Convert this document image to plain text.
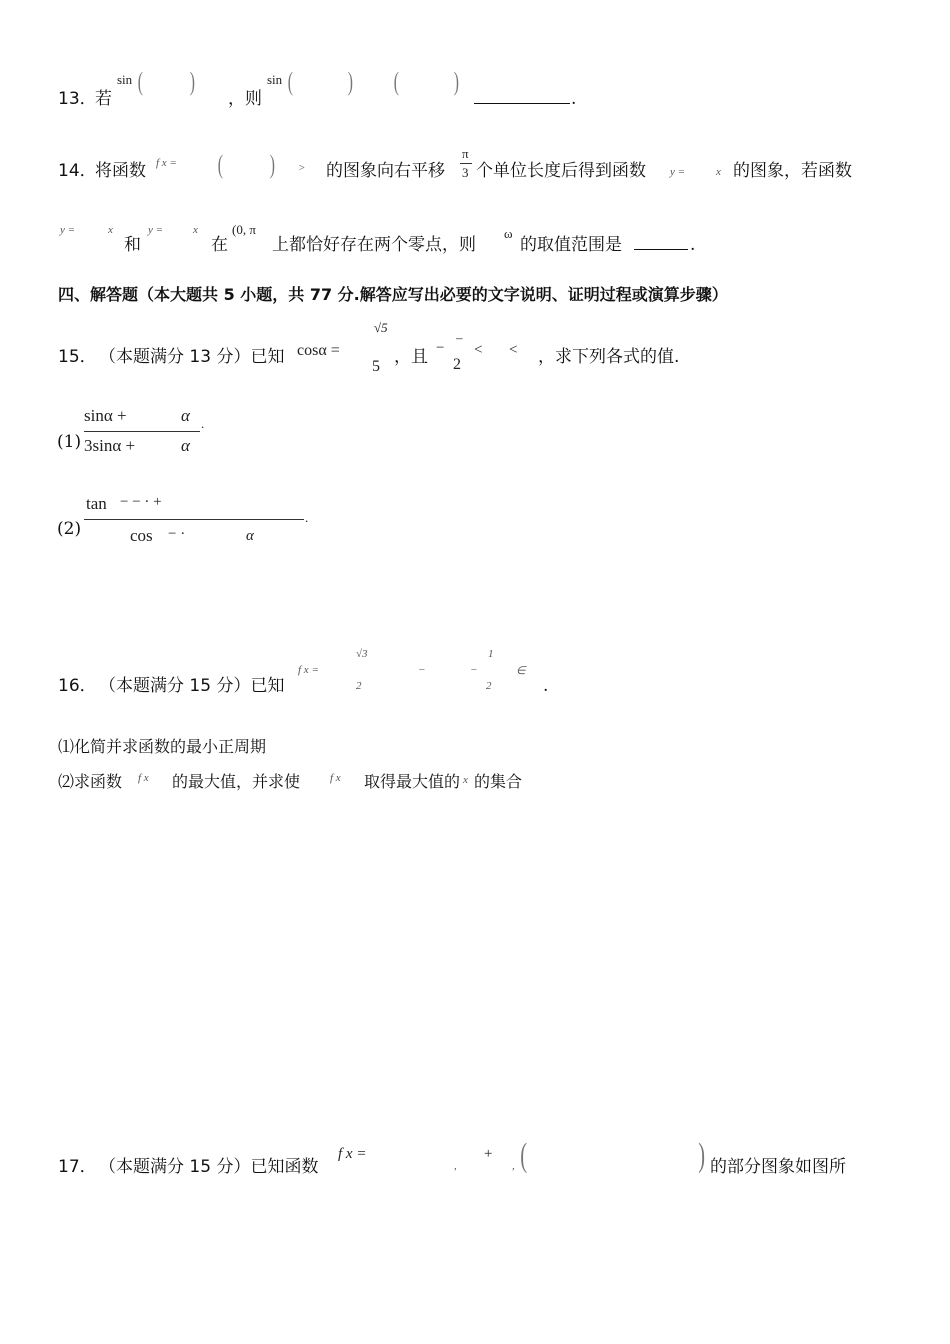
13．
若
sin ( )
，则
sin ( ) ( )
.
14．
将函数 f x = ( ) > 的图象向右平移
π
3 个单位长度后得到函数 y =	x 的图象，若函数
y =	x
和
y =	x
在
(0, π
上都恰好存在两个零点，则
ω
的取值范围是	.
四、解答题（本大题共 5 小题，共 77 分.解答应写出必要的文字说明、证明过程或演算步骤）
15． （本题满分 13 分）已知 cosα =
√5
5 ，且 −
–
2
< < ，求下列各式的值.
(1)
sinα +	α
3sinα +	α
.
(2)
tan − − · +
cos − ·	α
.
16． （本题满分 15 分）已知
f x =
√3
2
−	−
1
2
∈
.
⑴化简并求函数的最小正周期
⑵求函数 f x 的最大值，并求使	f x 取得最大值的 x 的集合
17． （本题满分 15 分）已知函数
f x =
,
+
, (	) 的部分图象如图所
